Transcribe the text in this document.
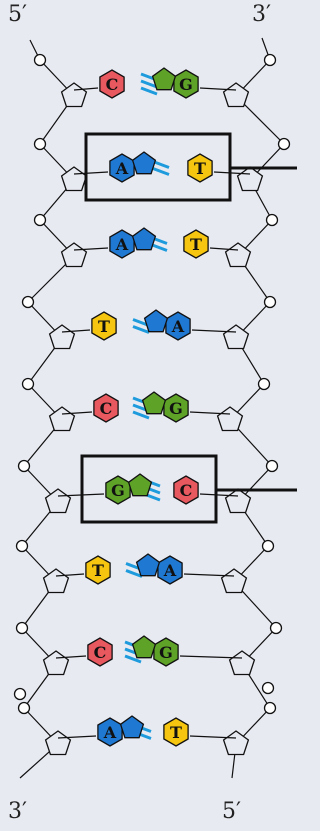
C	G
A	T
A	T
T	A
C	G
G	C
T	A
C	G
A	T
5′	3′
3′	5′
